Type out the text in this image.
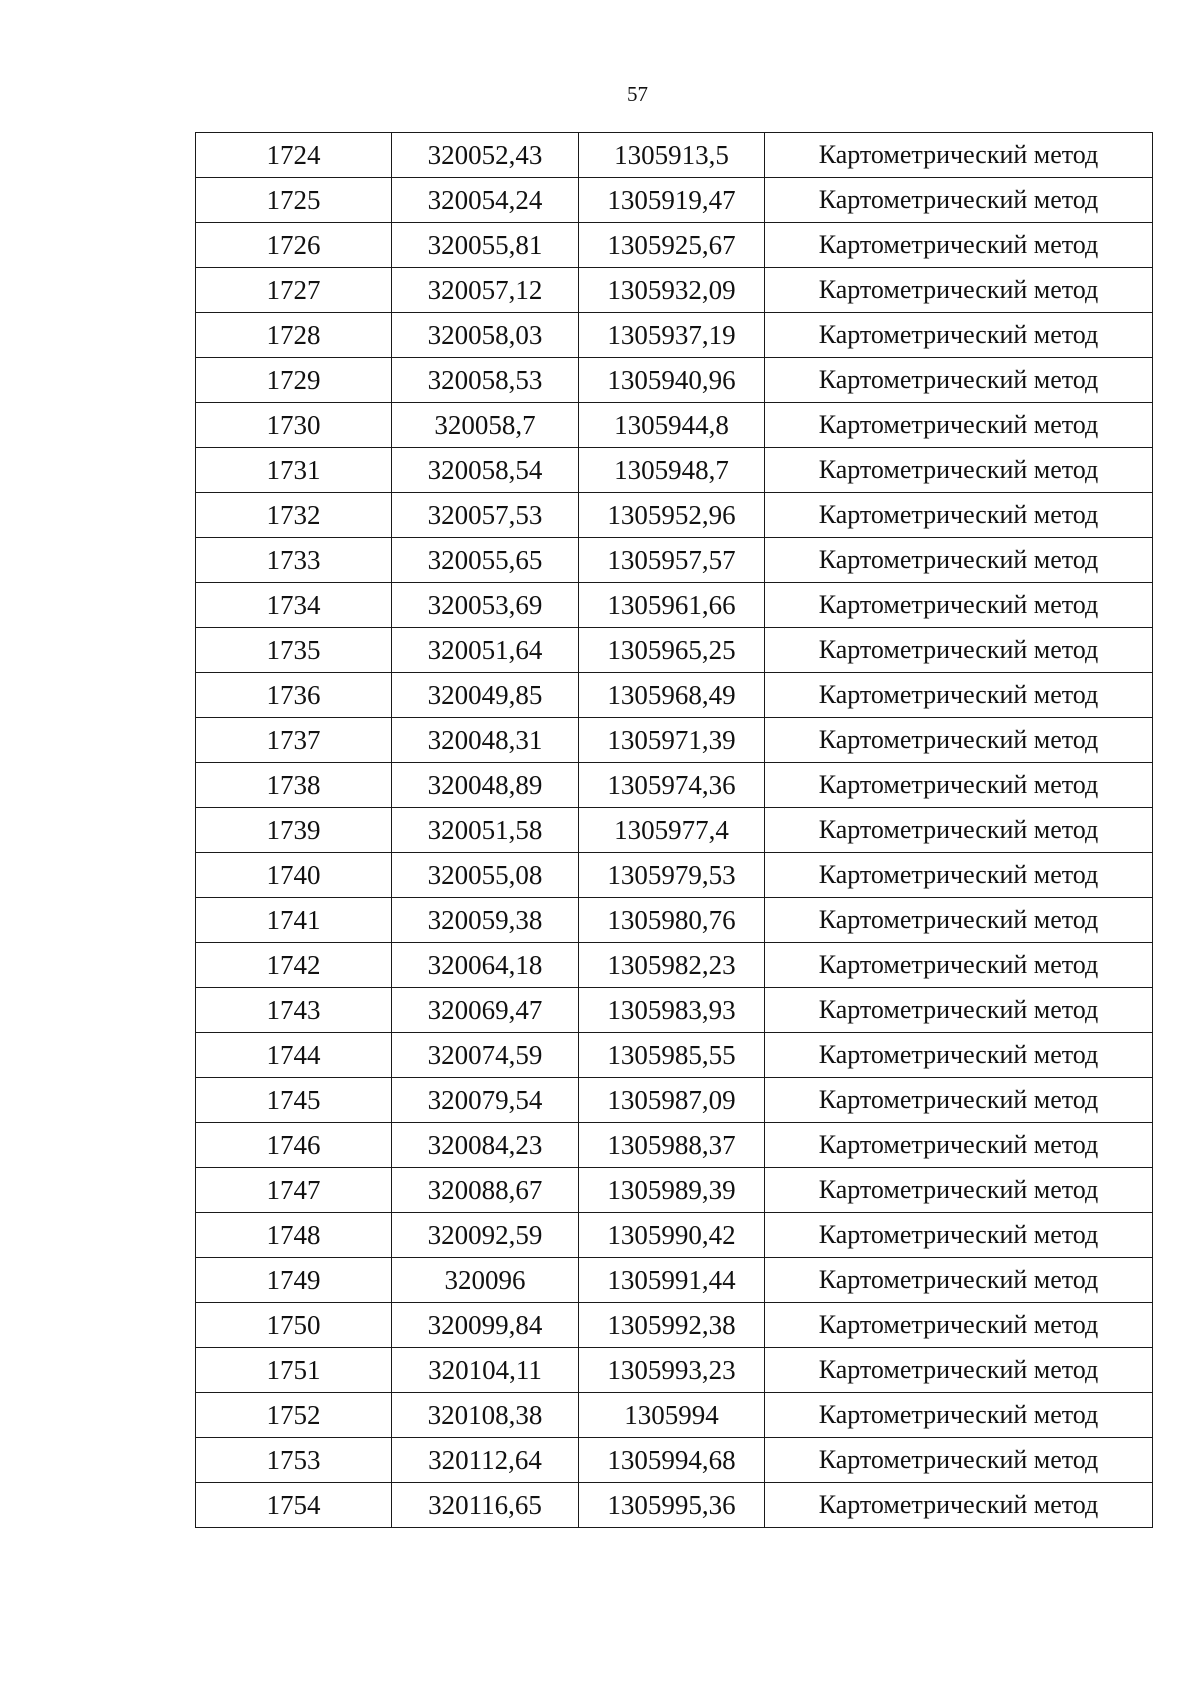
57
1724	320052,43	1305913,5	Картометрический метод
1725	320054,24	1305919,47	Картометрический метод
1726	320055,81	1305925,67	Картометрический метод
1727	320057,12	1305932,09	Картометрический метод
1728	320058,03	1305937,19	Картометрический метод
1729	320058,53	1305940,96	Картометрический метод
1730	320058,7	1305944,8	Картометрический метод
1731	320058,54	1305948,7	Картометрический метод
1732	320057,53	1305952,96	Картометрический метод
1733	320055,65	1305957,57	Картометрический метод
1734	320053,69	1305961,66	Картометрический метод
1735	320051,64	1305965,25	Картометрический метод
1736	320049,85	1305968,49	Картометрический метод
1737	320048,31	1305971,39	Картометрический метод
1738	320048,89	1305974,36	Картометрический метод
1739	320051,58	1305977,4	Картометрический метод
1740	320055,08	1305979,53	Картометрический метод
1741	320059,38	1305980,76	Картометрический метод
1742	320064,18	1305982,23	Картометрический метод
1743	320069,47	1305983,93	Картометрический метод
1744	320074,59	1305985,55	Картометрический метод
1745	320079,54	1305987,09	Картометрический метод
1746	320084,23	1305988,37	Картометрический метод
1747	320088,67	1305989,39	Картометрический метод
1748	320092,59	1305990,42	Картометрический метод
1749	320096	1305991,44	Картометрический метод
1750	320099,84	1305992,38	Картометрический метод
1751	320104,11	1305993,23	Картометрический метод
1752	320108,38	1305994	Картометрический метод
1753	320112,64	1305994,68	Картометрический метод
1754	320116,65	1305995,36	Картометрический метод
